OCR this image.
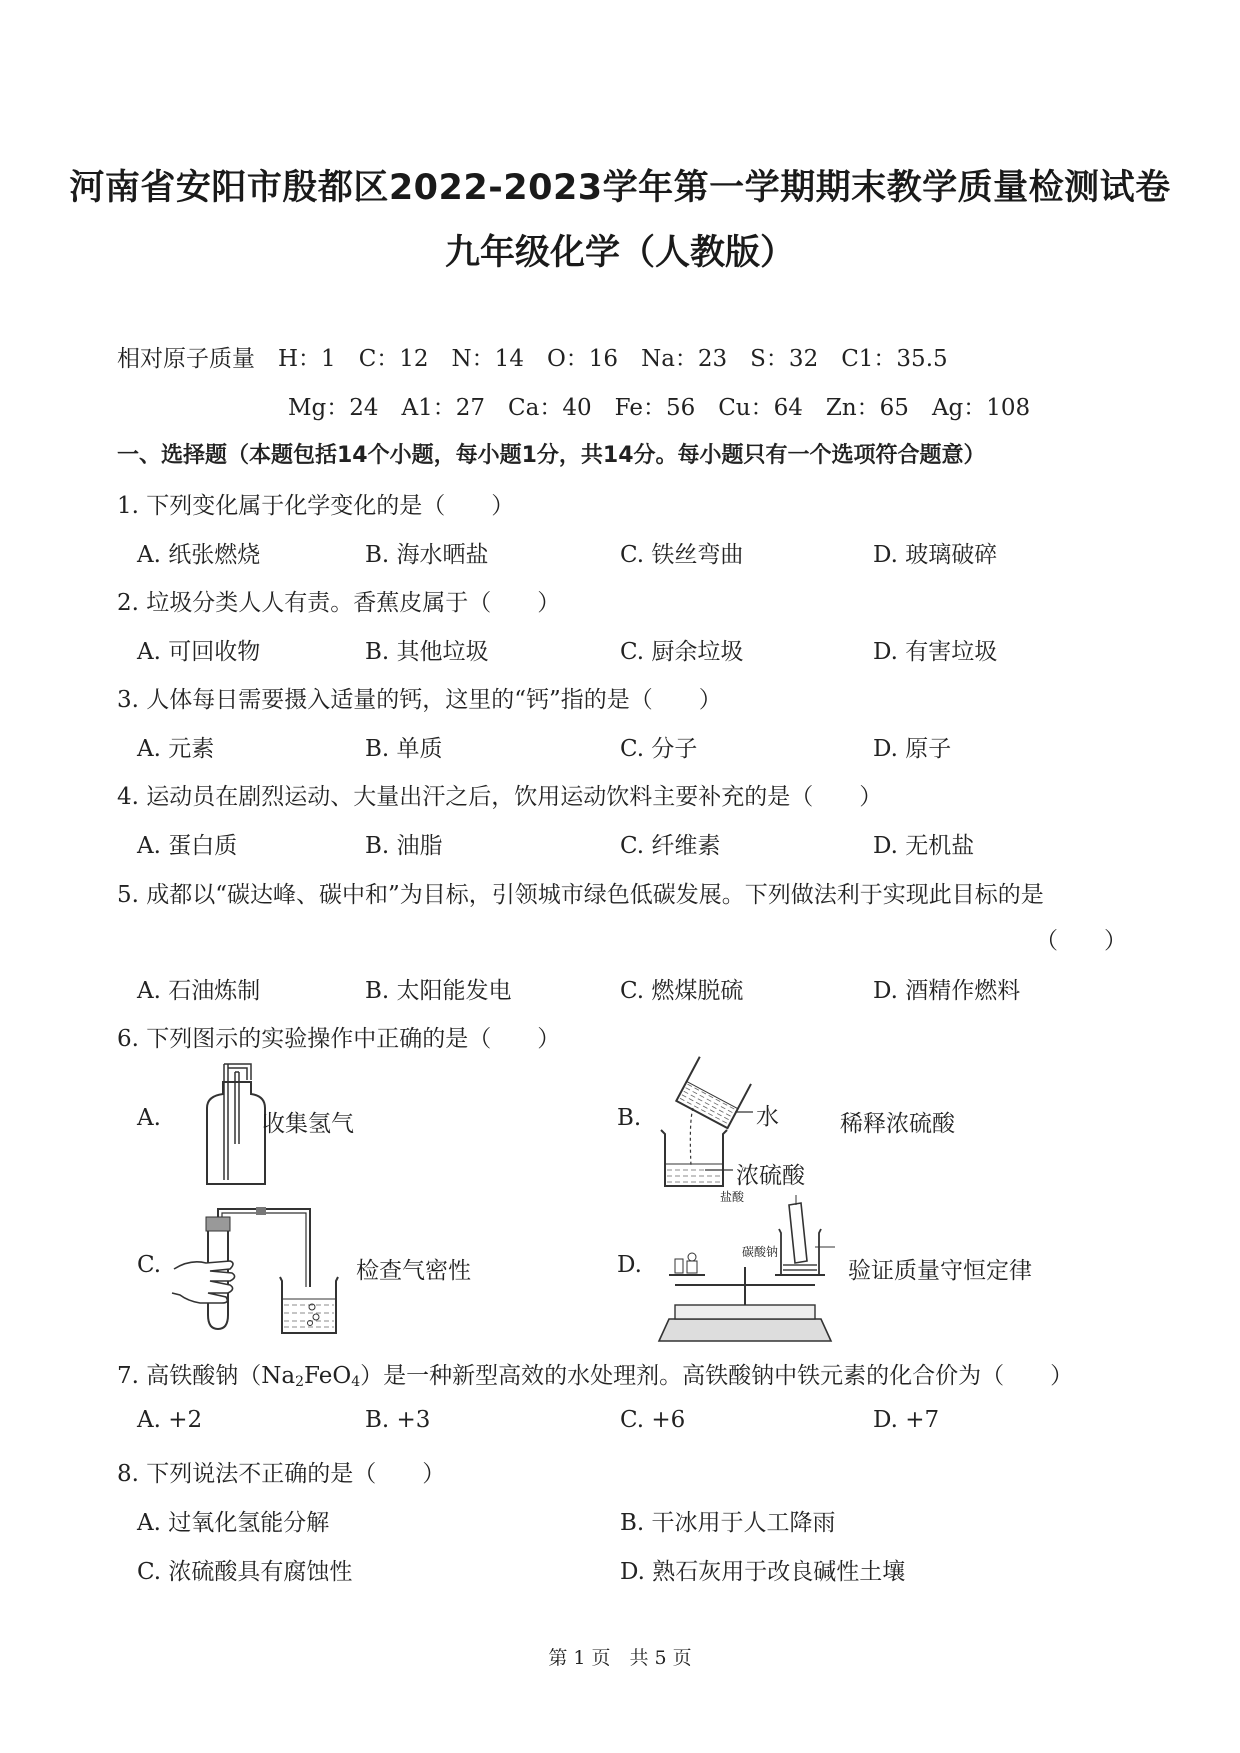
河南省安阳市殷都区2022-2023学年第一学期期末教学质量检测试卷
九年级化学（人教版）
相对原子质量　H：1　C：12　N：14　O：16　Na：23　S：32　C1：35.5
Mg：24　A1：27　Ca：40　Fe：56　Cu：64　Zn：65　Ag：108
一、选择题（本题包括14个小题，每小题1分，共14分。每小题只有一个选项符合题意）
1. 下列变化属于化学变化的是（　　）
A. 纸张燃烧	B. 海水晒盐	C. 铁丝弯曲	D. 玻璃破碎
2. 垃圾分类人人有责。香蕉皮属于（　　）
A. 可回收物	B. 其他垃圾	C. 厨余垃圾	D. 有害垃圾
3. 人体每日需要摄入适量的钙，这里的“钙”指的是（　　）
A. 元素	B. 单质	C. 分子	D. 原子
4. 运动员在剧烈运动、大量出汗之后，饮用运动饮料主要补充的是（　　）
A. 蛋白质	B. 油脂	C. 纤维素	D. 无机盐
5. 成都以“碳达峰、碳中和”为目标，引领城市绿色低碳发展。下列做法利于实现此目标的是
（　　）
A. 石油炼制	B. 太阳能发电	C. 燃煤脱硫	D. 酒精作燃料
6. 下列图示的实验操作中正确的是（　　）
A.	收集氢气	B.	水
浓硫酸
稀释浓硫酸
C.	检查气密性	D.
盐酸
碳酸钠
验证质量守恒定律
7. 高铁酸钠$(Na_2FeO_4)$是一种新型高效的水处理剂。高铁酸钠中铁元素的化合价为（　　）
A. +2	B. +3	C. +6	D. +7
8. 下列说法不正确的是（　　）
A. 过氧化氢能分解	B. 干冰用于人工降雨
C. 浓硫酸具有腐蚀性	D. 熟石灰用于改良碱性土壤
第 1 页　共 5 页
